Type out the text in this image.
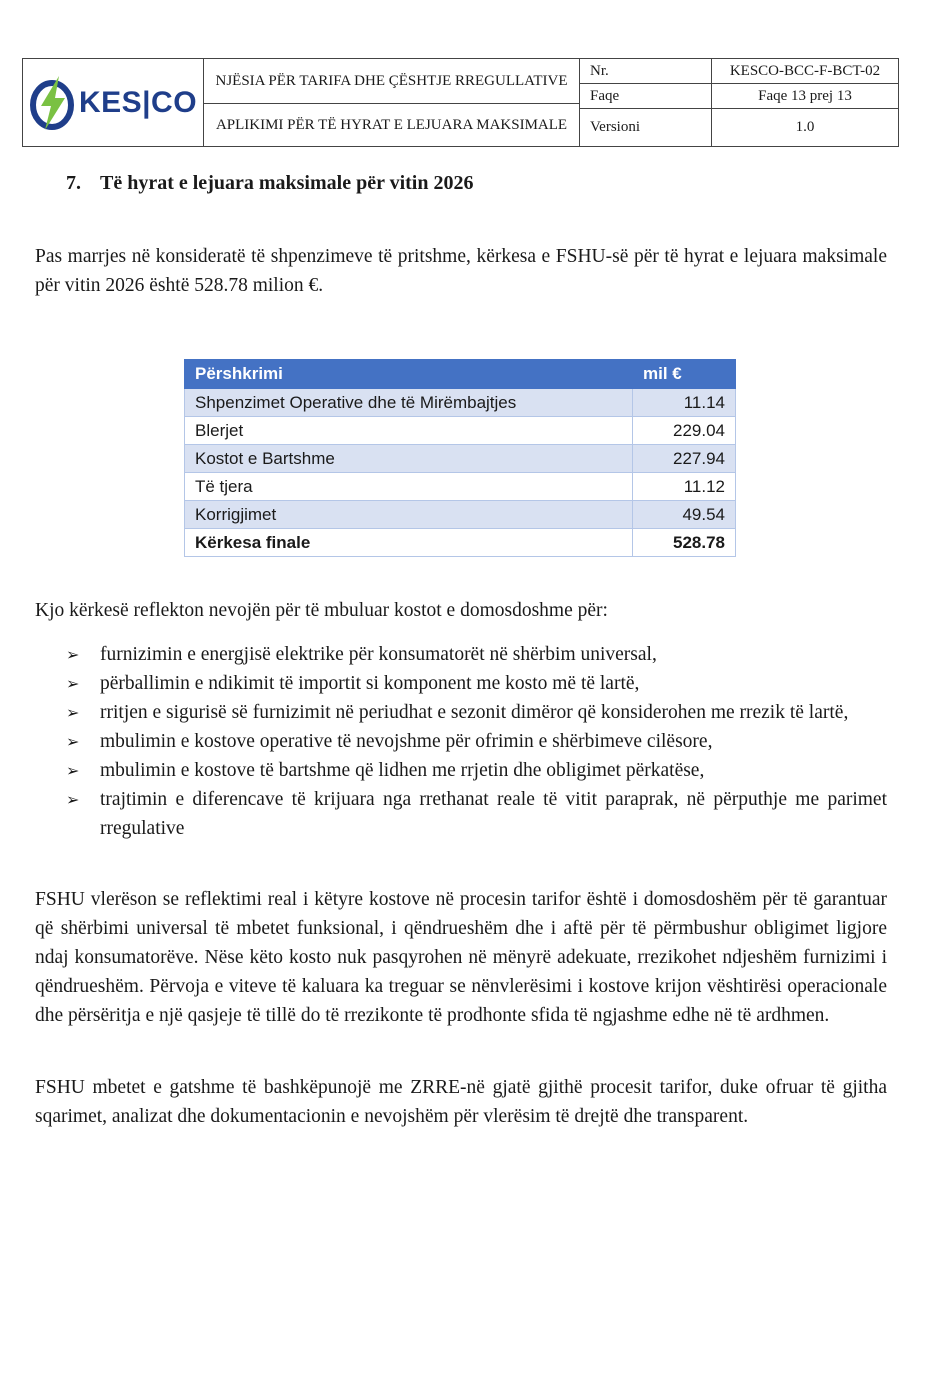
KES|CO
NJËSIA PËR TARIFA DHE ÇËSHTJE RREGULLATIVE
APLIKIMI PËR TË HYRAT E LEJUARA MAKSIMALE
Nr.	KESCO-BCC-F-BCT-02
Faqe	Faqe 13 prej 13
Versioni	1.0
7. Të hyrat e lejuara maksimale për vitin 2026

Pas marrjes në konsideratë të shpenzimeve të pritshme, kërkesa e FSHU-së për të hyrat e lejuara maksimale për vitin 2026 është 528.78 milion €.

Përshkrimi	mil €
Shpenzimet Operative dhe të Mirëmbajtjes	11.14
Blerjet	229.04
Kostot e Bartshme	227.94
Të tjera	11.12
Korrigjimet	49.54
Kërkesa finale	528.78

Kjo kërkesë reflekton nevojën për të mbuluar kostot e domosdoshme për:

➢	furnizimin e energjisë elektrike për konsumatorët në shërbim universal,
➢	përballimin e ndikimit të importit si komponent me kosto më të lartë,
➢	rritjen e sigurisë së furnizimit në periudhat e sezonit dimëror që konsiderohen me rrezik të lartë,
➢	mbulimin e kostove operative të nevojshme për ofrimin e shërbimeve cilësore,
➢	mbulimin e kostove të bartshme që lidhen me rrjetin dhe obligimet përkatëse,
➢	trajtimin e diferencave të krijuara nga rrethanat reale të vitit paraprak, në përputhje me parimet rregulative

FSHU vlerëson se reflektimi real i këtyre kostove në procesin tarifor është i domosdoshëm për të garantuar që shërbimi universal të mbetet funksional, i qëndrueshëm dhe i aftë për të përmbushur obligimet ligjore ndaj konsumatorëve. Nëse këto kosto nuk pasqyrohen në mënyrë adekuate, rrezikohet ndjeshëm furnizimi i qëndrueshëm. Përvoja e viteve të kaluara ka treguar se nënvlerësimi i kostove krijon vështirësi operacionale dhe përsëritja e një qasjeje të tillë do të rrezikonte të prodhonte sfida të ngjashme edhe në të ardhmen.

FSHU mbetet e gatshme të bashkëpunojë me ZRRE-në gjatë gjithë procesit tarifor, duke ofruar të gjitha sqarimet, analizat dhe dokumentacionin e nevojshëm për vlerësim të drejtë dhe transparent.
